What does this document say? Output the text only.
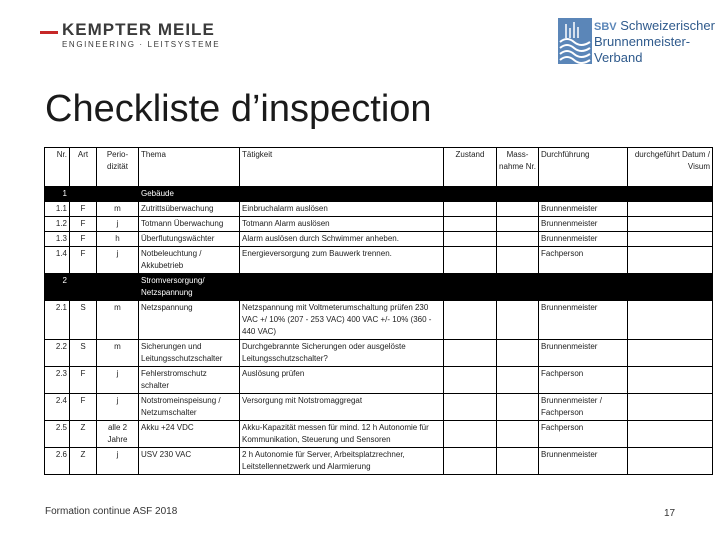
KEMPTER MEILE
ENGINEERING · LEITSYSTEME
SBV Schweizerischer
Brunnenmeister-
Verband
Checkliste d’inspection
Nr.	Art	Perio-dizität	Thema	Tätigkeit	Zustand	Mass-nahme Nr.	Durchführung	durchgeführt Datum / Visum
1			Gebäude					
1.1	F	m	Zutrittsüberwachung	Einbruchalarm auslösen			Brunnenmeister	
1.2	F	j	Totmann Überwachung	Totmann Alarm auslösen			Brunnenmeister	
1.3	F	h	Überflutungswächter	Alarm auslösen durch Schwimmer anheben.			Brunnenmeister	
1.4	F	j	Notbeleuchtung / Akkubetrieb	Energieversorgung zum Bauwerk trennen.			Fachperson	
2			Stromversorgung/ Netzspannung					
2.1	S	m	Netzspannung	Netzspannung mit Voltmeterumschaltung prüfen 230 VAC +/ 10% (207 - 253 VAC) 400 VAC +/- 10% (360 - 440 VAC)			Brunnenmeister	
2.2	S	m	Sicherungen und Leitungsschutzschalter	Durchgebrannte Sicherungen oder ausgelöste Leitungsschutzschalter?			Brunnenmeister	
2.3	F	j	Fehlerstromschutz schalter	Auslösung prüfen			Fachperson	
2.4	F	j	Notstromeinspeisung / Netzumschalter	Versorgung mit Notstromaggregat			Brunnenmeister / Fachperson	
2.5	Z	alle 2 Jahre	Akku +24 VDC	Akku-Kapazität messen für mind. 12 h Autonomie für Kommunikation, Steuerung und Sensoren			Fachperson	
2.6	Z	j	USV 230 VAC	2 h Autonomie für Server, Arbeitsplatzrechner, Leitstellennetzwerk und Alarmierung			Brunnenmeister	
Formation continue ASF 2018	17
